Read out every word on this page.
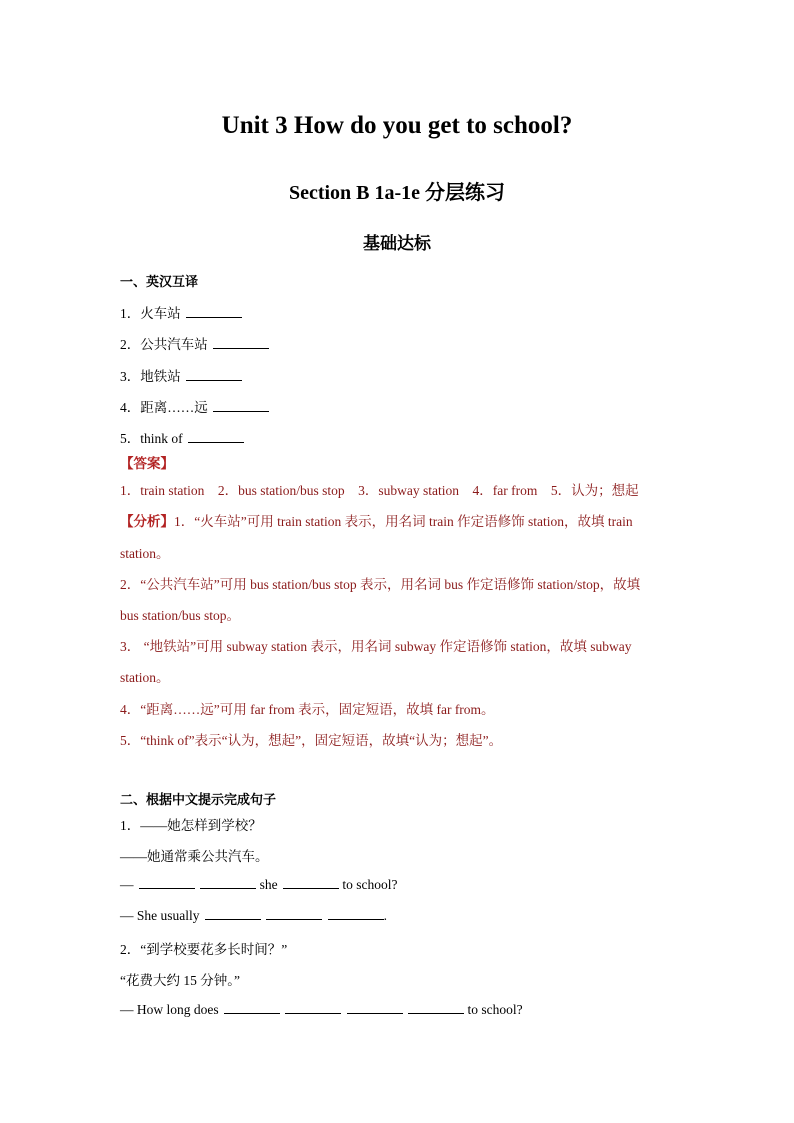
Unit 3 How do you get to school?
Section B 1a-1e 分层练习
基础达标
一、英汉互译
1．火车站
2．公共汽车站
3．地铁站
4．距离……远
5．think of
【答案】
1．train station　2．bus station/bus stop　3．subway station　4．far from　5．认为；想起
【分析】1．“火车站”可用 train station 表示，用名词 train 作定语修饰 station，故填 train
station。
2．“公共汽车站”可用 bus station/bus stop 表示，用名词 bus 作定语修饰 station/stop，故填
bus station/bus stop。
3． “地铁站”可用 subway station 表示，用名词 subway 作定语修饰 station，故填 subway
station。
4．“距离……远”可用 far from 表示，固定短语，故填 far from。
5．“think of”表示“认为，想起”，固定短语，故填“认为；想起”。
二、根据中文提示完成句子
1．——她怎样到学校？
——她通常乘公共汽车。
—	she	to school?
— She usually	.
2．“到学校要花多长时间？”
“花费大约 15 分钟。”
— How long does	to school?
